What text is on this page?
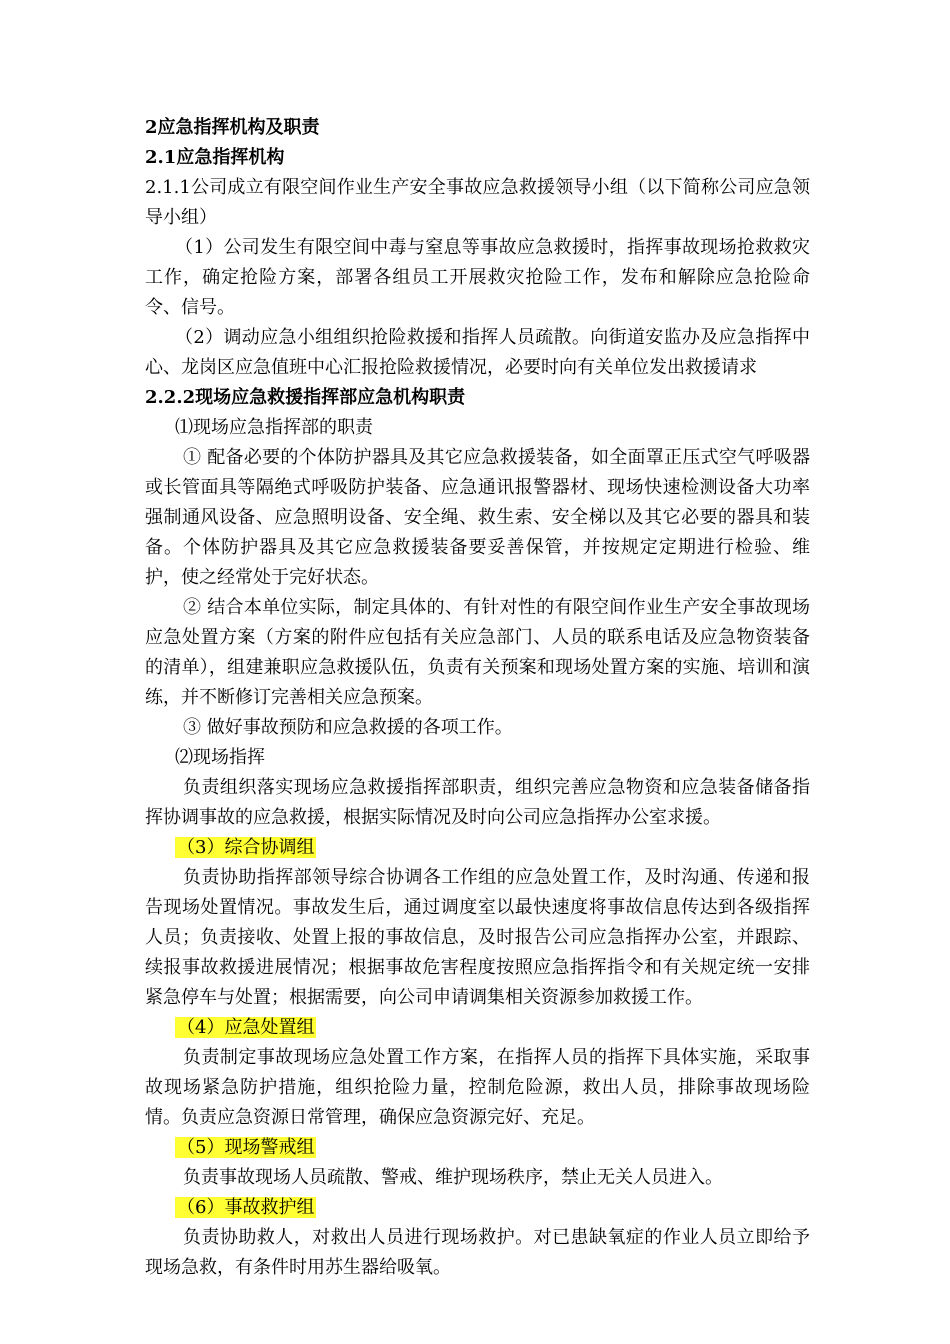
2应急指挥机构及职责
2.1应急指挥机构

2.1.1公司成立有限空间作业生产安全事故应急救援领导小组（以下简称公司应急领导小组）

（1）公司发生有限空间中毒与窒息等事故应急救援时，指挥事故现场抢救救灾工作，确定抢险方案，部署各组员工开展救灾抢险工作，发布和解除应急抢险命令、信号。

（2）调动应急小组组织抢险救援和指挥人员疏散。向街道安监办及应急指挥中心、龙岗区应急值班中心汇报抢险救援情况，必要时向有关单位发出救援请求

2.2.2现场应急救援指挥部应急机构职责
⑴现场应急指挥部的职责

① 配备必要的个体防护器具及其它应急救援装备，如全面罩正压式空气呼吸器或长管面具等隔绝式呼吸防护装备、应急通讯报警器材、现场快速检测设备大功率强制通风设备、应急照明设备、安全绳、救生索、安全梯以及其它必要的器具和装备。个体防护器具及其它应急救援装备要妥善保管，并按规定定期进行检验、维护，使之经常处于完好状态。

② 结合本单位实际，制定具体的、有针对性的有限空间作业生产安全事故现场应急处置方案（方案的附件应包括有关应急部门、人员的联系电话及应急物资装备的清单），组建兼职应急救援队伍，负责有关预案和现场处置方案的实施、培训和演练，并不断修订完善相关应急预案。

③ 做好事故预防和应急救援的各项工作。
⑵现场指挥

负责组织落实现场应急救援指挥部职责，组织完善应急物资和应急装备储备指挥协调事故的应急救援，根据实际情况及时向公司应急指挥办公室求援。

（3）综合协调组

负责协助指挥部领导综合协调各工作组的应急处置工作，及时沟通、传递和报告现场处置情况。事故发生后，通过调度室以最快速度将事故信息传达到各级指挥人员；负责接收、处置上报的事故信息，及时报告公司应急指挥办公室，并跟踪、续报事故救援进展情况；根据事故危害程度按照应急指挥指令和有关规定统一安排紧急停车与处置；根据需要，向公司申请调集相关资源参加救援工作。

（4）应急处置组

负责制定事故现场应急处置工作方案，在指挥人员的指挥下具体实施，采取事故现场紧急防护措施，组织抢险力量，控制危险源，救出人员，排除事故现场险情。负责应急资源日常管理，确保应急资源完好、充足。

（5）现场警戒组

负责事故现场人员疏散、警戒、维护现场秩序，禁止无关人员进入。

（6）事故救护组

负责协助救人，对救出人员进行现场救护。对已患缺氧症的作业人员立即给予现场急救，有条件时用苏生器给吸氧。
